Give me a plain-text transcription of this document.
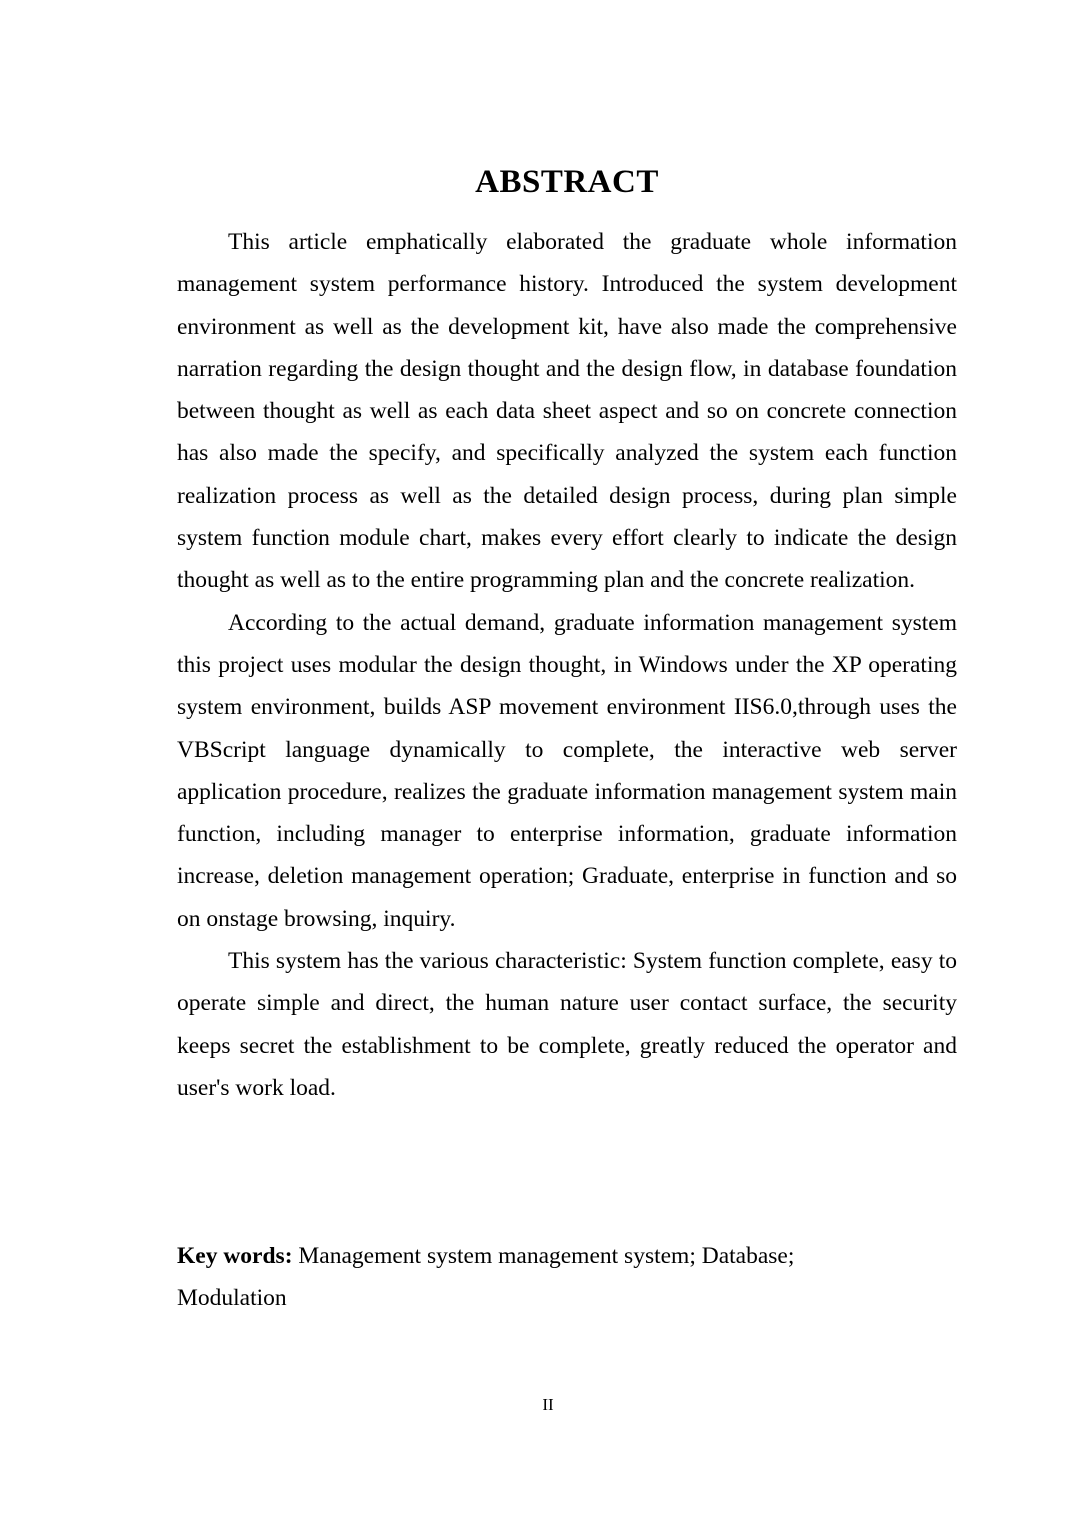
ABSTRACT

This article emphatically elaborated the graduate whole information management system performance history. Introduced the system development environment as well as the development kit, have also made the comprehensive narration regarding the design thought and the design flow, in database foundation between thought as well as each data sheet aspect and so on concrete connection has also made the specify, and specifically analyzed the system each function realization process as well as the detailed design process, during plan simple system function module chart, makes every effort clearly to indicate the design thought as well as to the entire programming plan and the concrete realization.

According to the actual demand, graduate information management system this project uses modular the design thought, in Windows under the XP operating system environment, builds ASP movement environment IIS6.0,through uses the VBScript language dynamically to complete, the interactive web server application procedure, realizes the graduate information management system main function, including manager to enterprise information, graduate information increase, deletion management operation; Graduate, enterprise in function and so on onstage browsing, inquiry.

This system has the various characteristic: System function complete, easy to operate simple and direct, the human nature user contact surface, the security keeps secret the establishment to be complete, greatly reduced the operator and user's work load.

Key words: Management system management system; Database;
Modulation
II
